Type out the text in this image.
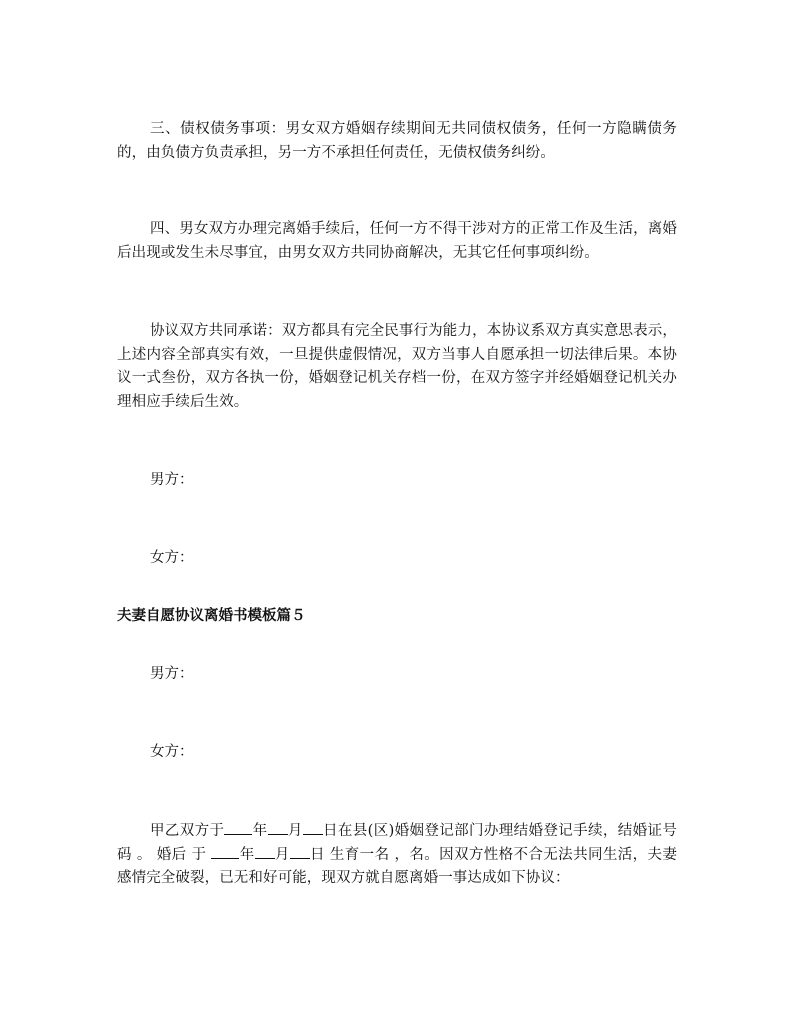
三、债权债务事项：男女双方婚姻存续期间无共同债权债务，任何一方隐瞒债务的，由负债方负责承担，另一方不承担任何责任，无债权债务纠纷。

四、男女双方办理完离婚手续后，任何一方不得干涉对方的正常工作及生活，离婚后出现或发生未尽事宜，由男女双方共同协商解决，无其它任何事项纠纷。

协议双方共同承诺：双方都具有完全民事行为能力，本协议系双方真实意思表示，上述内容全部真实有效，一旦提供虚假情况，双方当事人自愿承担一切法律后果。本协议一式叁份，双方各执一份，婚姻登记机关存档一份，在双方签字并经婚姻登记机关办理相应手续后生效。

男方：

女方：

夫妻自愿协议离婚书模板篇５

男方：

女方：

甲乙双方于 年 月 日在县(区)婚姻登记部门办理结婚登记手续，结婚证号码 。 婚后 于 年 月 日 生育一名 ，名。因双方性格不合无法共同生活，夫妻感情完全破裂，已无和好可能，现双方就自愿离婚一事达成如下协议：
